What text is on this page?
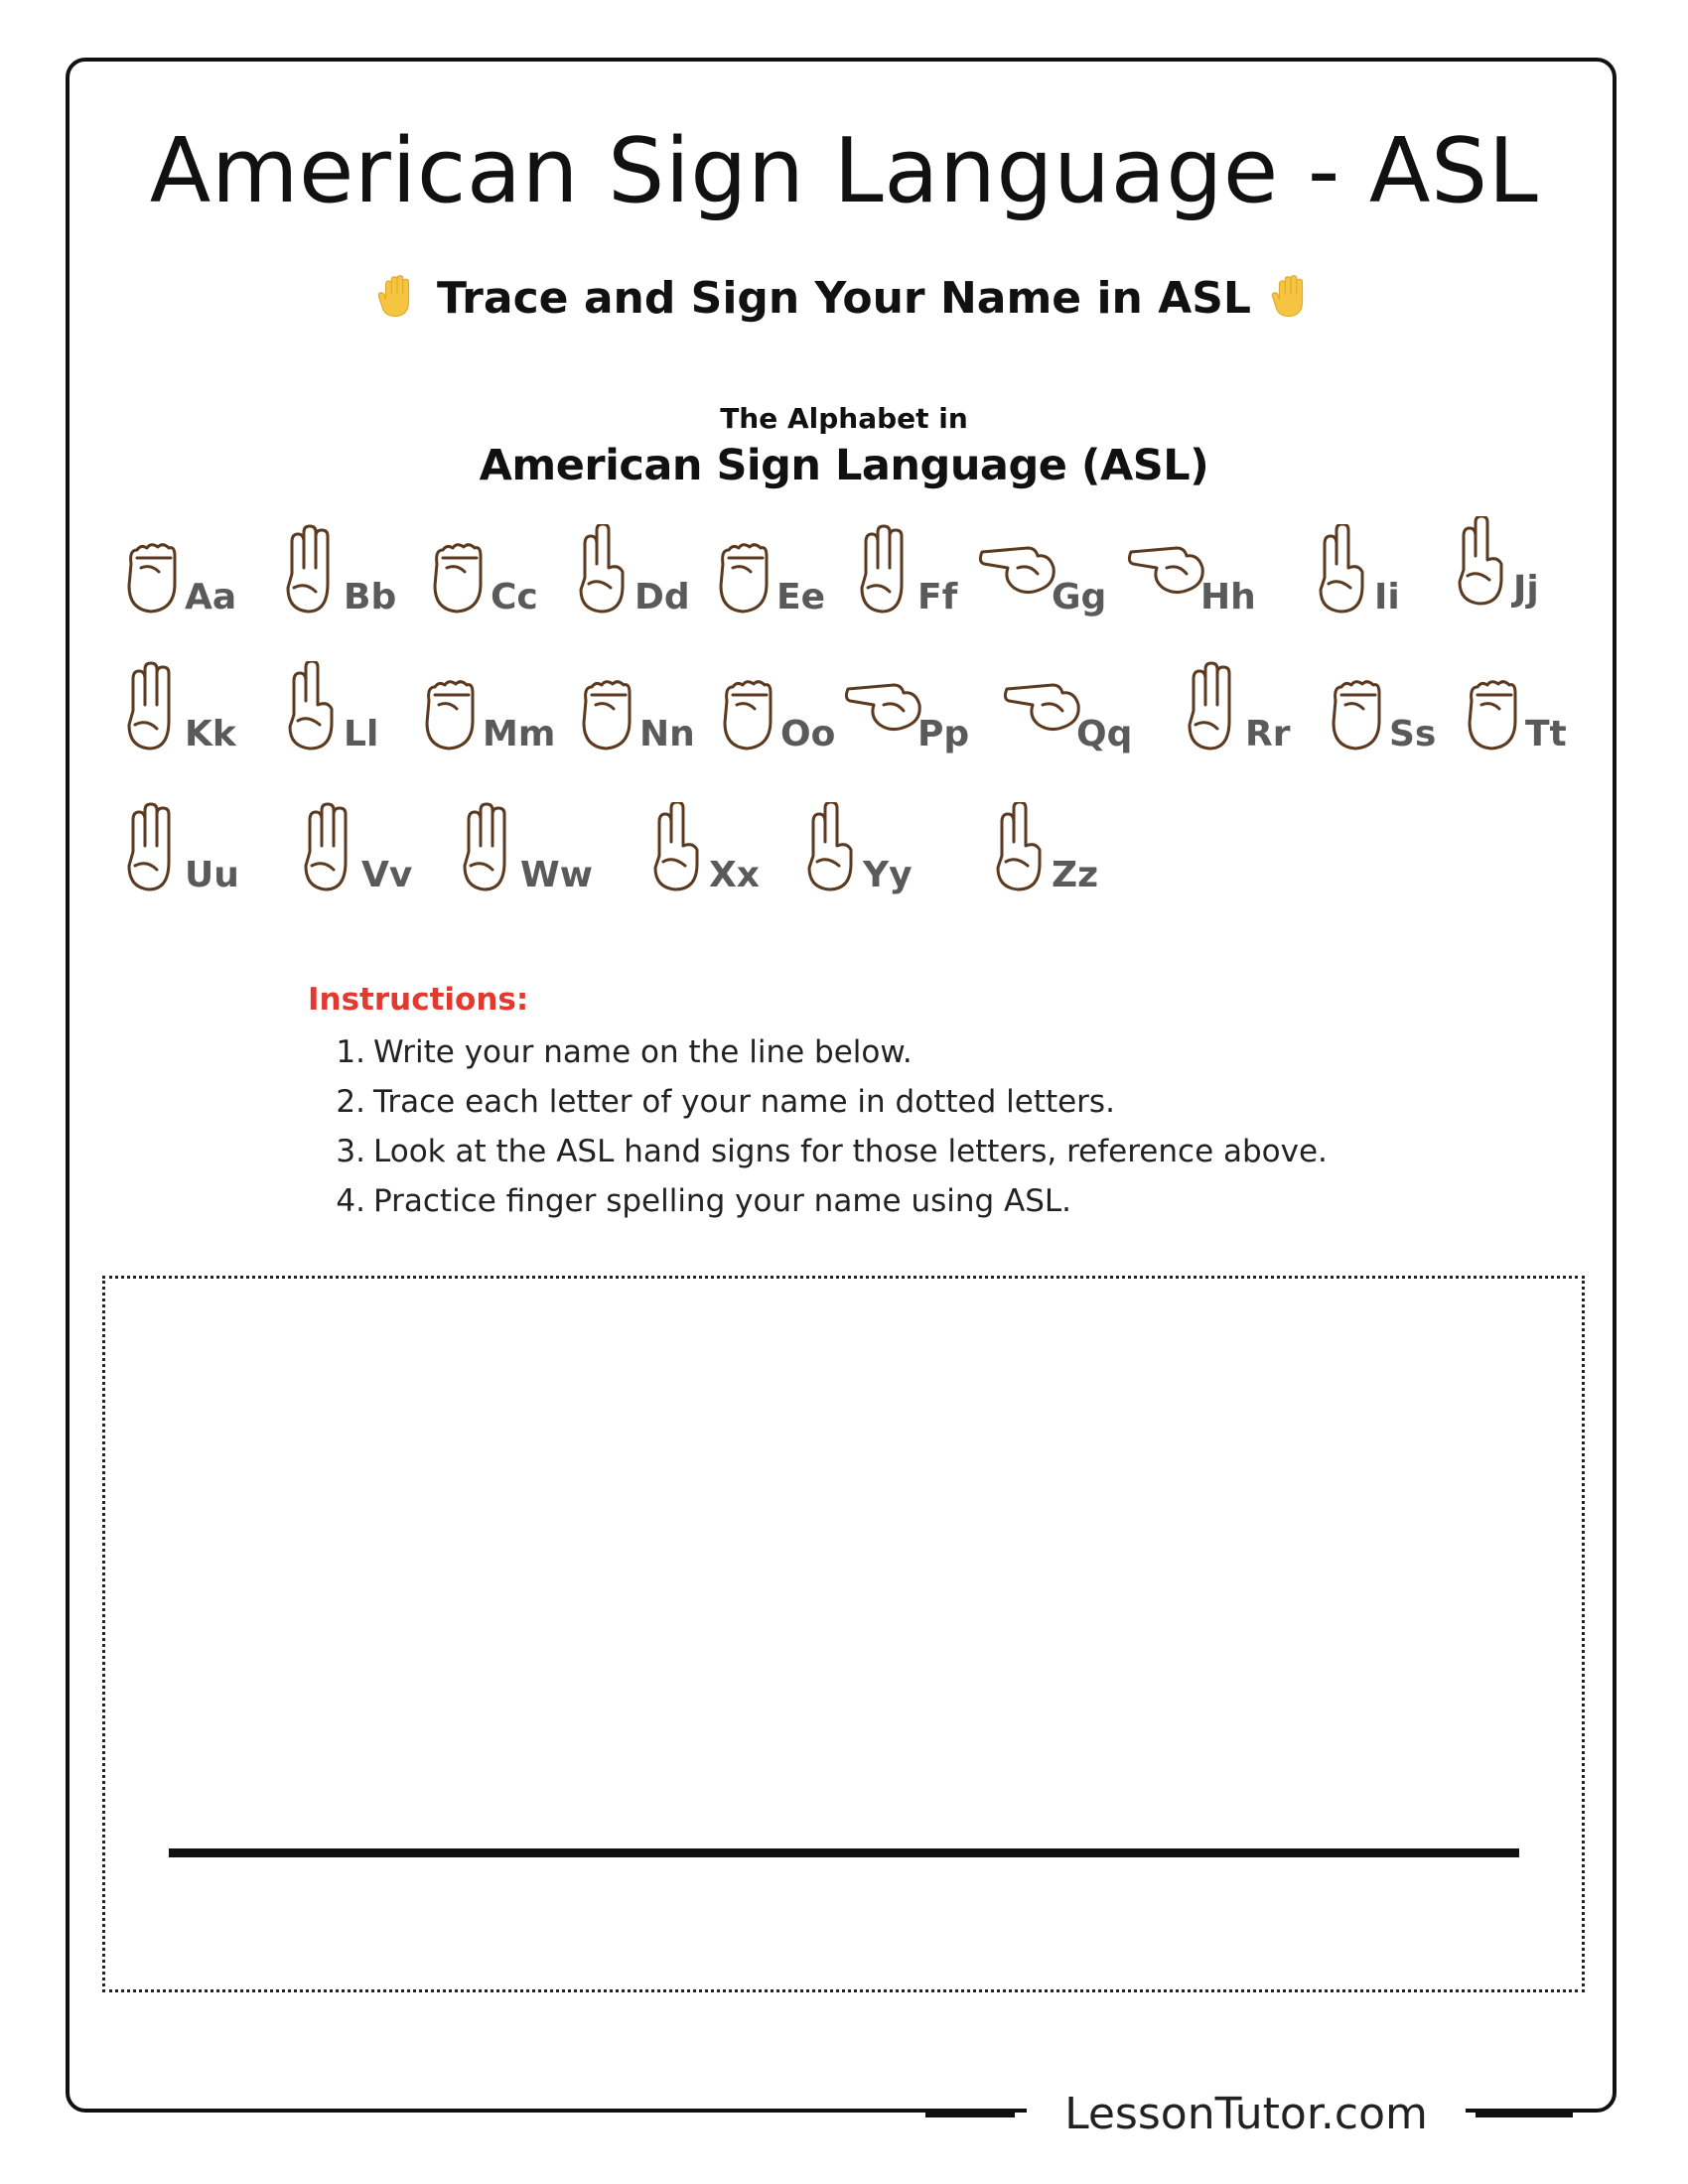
American Sign Language - ASL
Trace and Sign Your Name in ASL
The Alphabet in
American Sign Language (ASL)
Aa	Bb	Cc	Dd Ee	Ff	Gg	Hh	Ii	Jj
Kk	Ll	Mm Nn Oo Pp	Qq	Rr	Ss Tt
Uu	Vv	Ww	Xx	Yy	Zz
Instructions:
1. Write your name on the line below.
2. Trace each letter of your name in dotted letters.
3. Look at the ASL hand signs for those letters, reference above.
4. Practice finger spelling your name using ASL.
LessonTutor.com
